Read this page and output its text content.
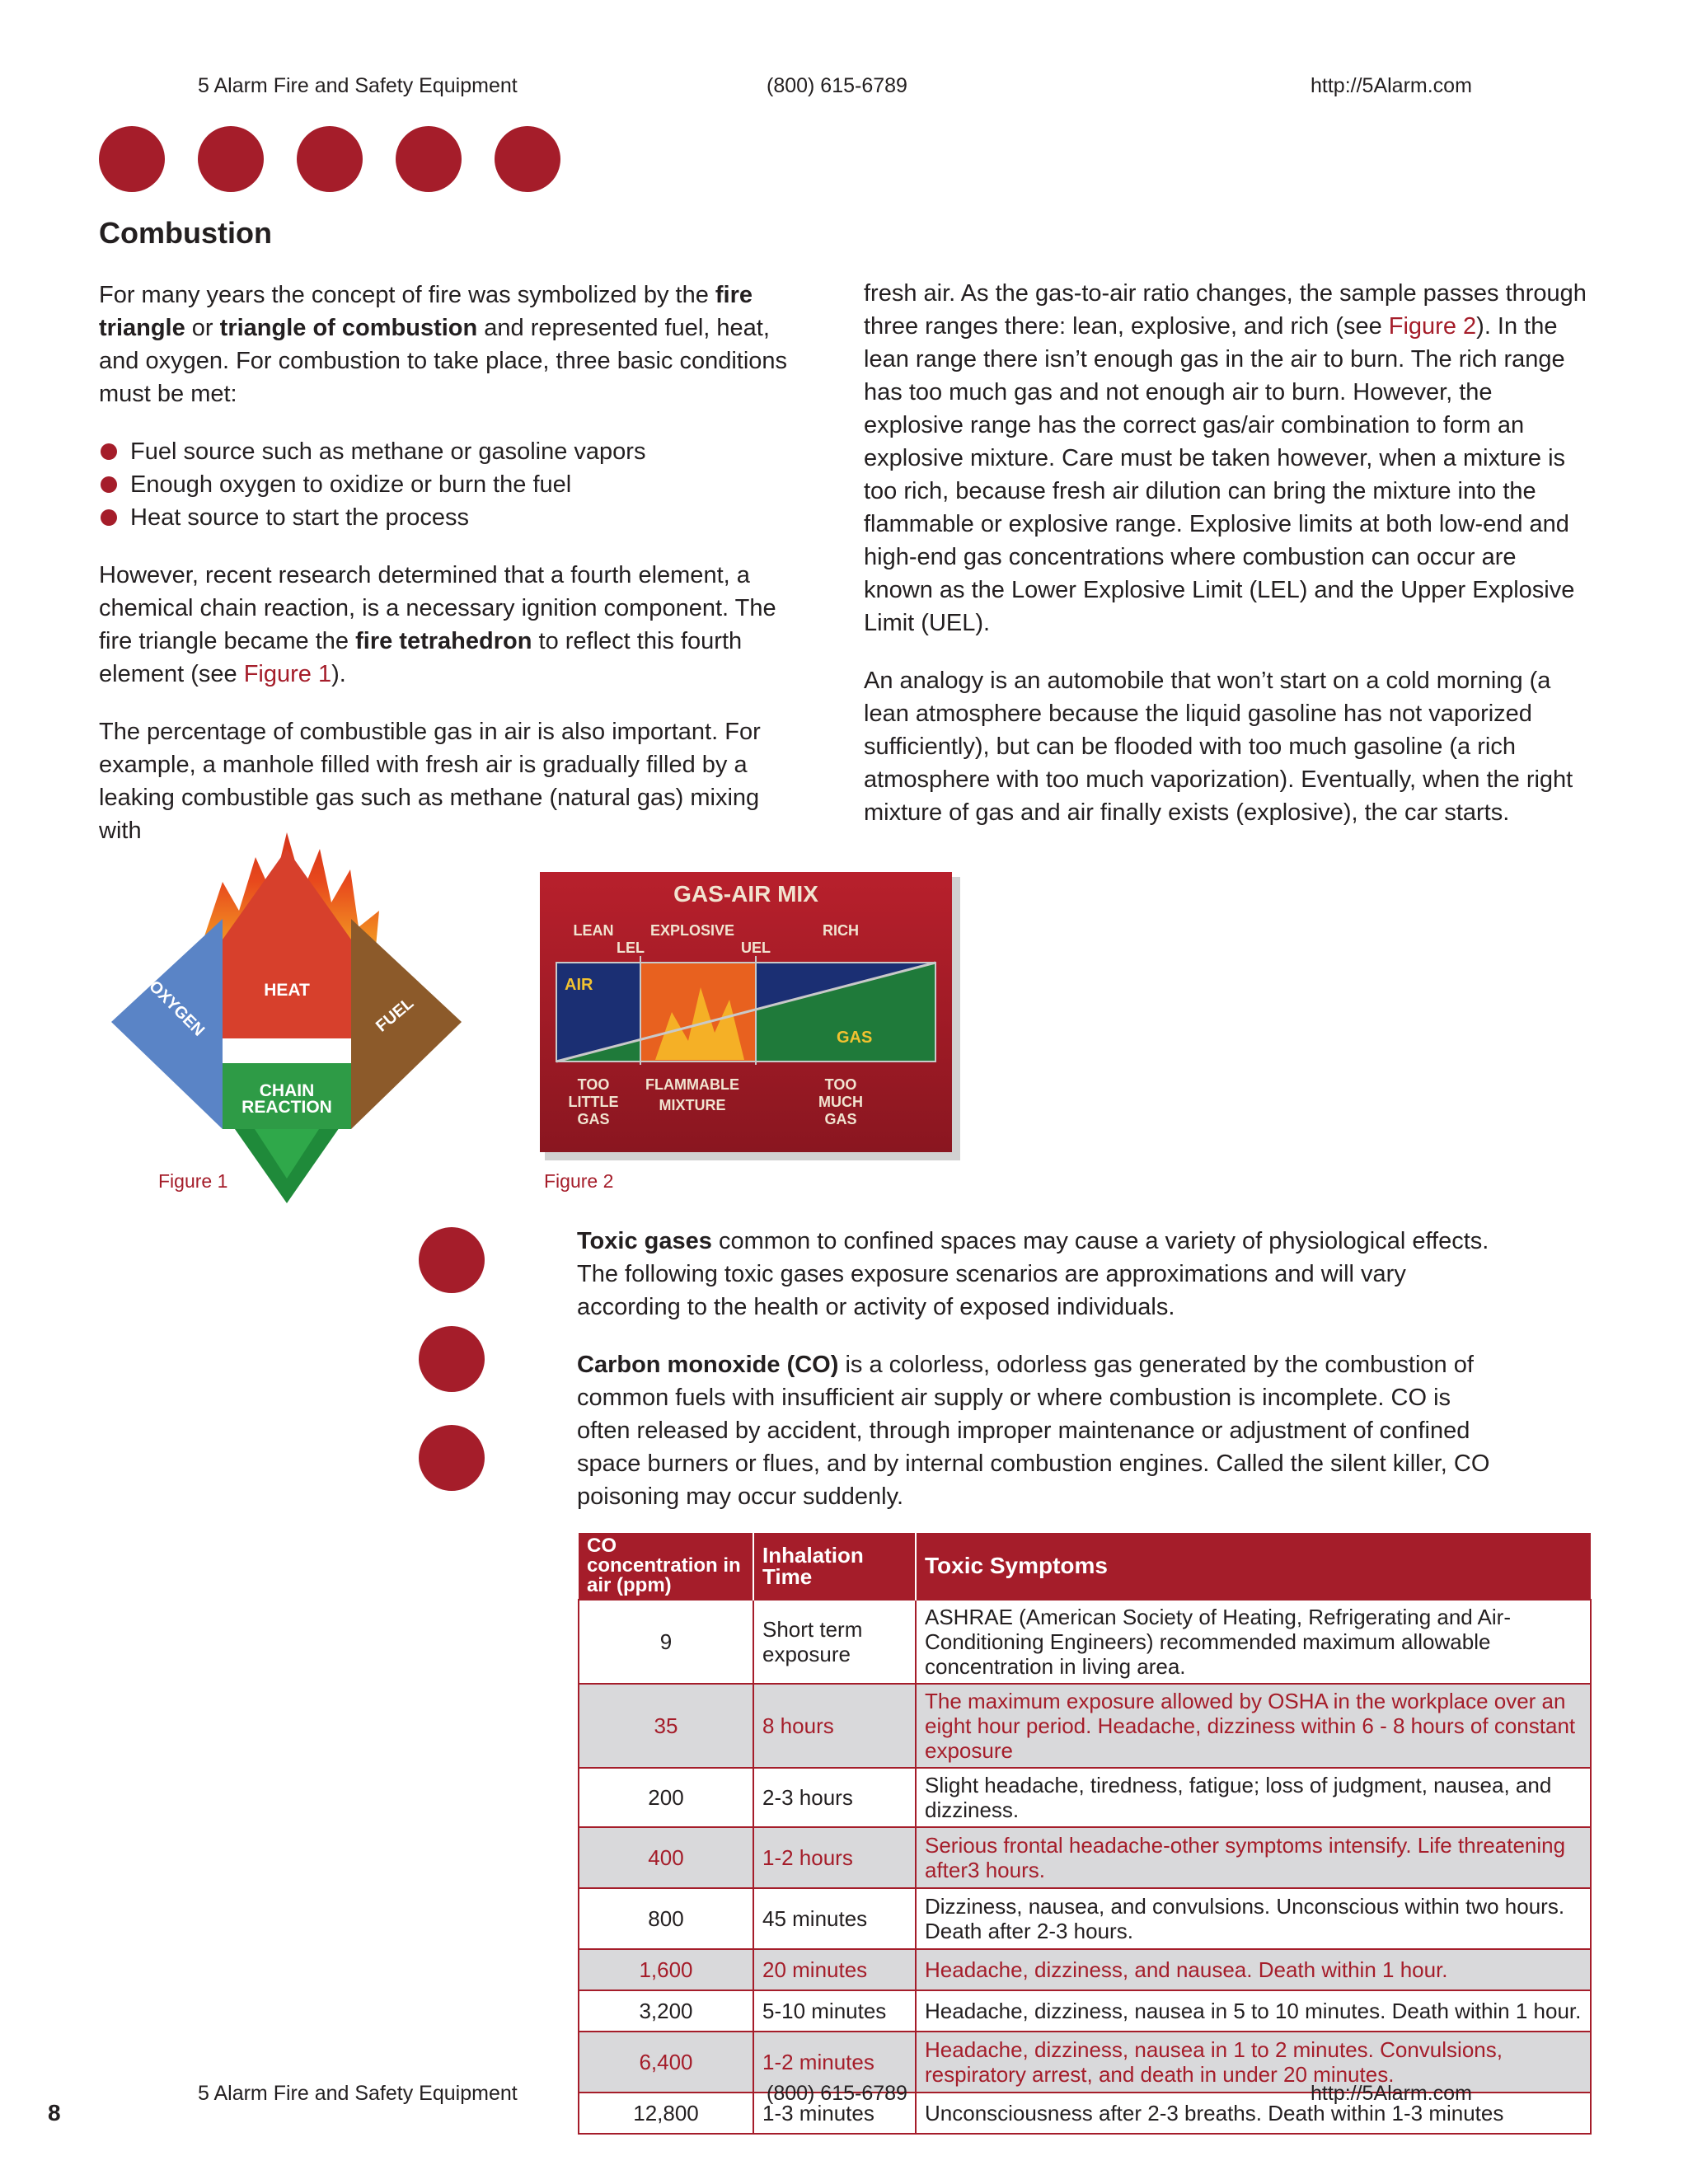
5 Alarm Fire and Safety Equipment	(800) 615-6789	http://5Alarm.com
Combustion

For many years the concept of fire was symbolized by the fire triangle or triangle of combustion and represented fuel, heat, and oxygen. For combustion to take place, three basic conditions must be met:

Fuel source such as methane or gasoline vapors
Enough oxygen to oxidize or burn the fuel
Heat source to start the process

However, recent research determined that a fourth element, a chemical chain reaction, is a necessary ignition component. The fire triangle became the fire tetrahedron to reflect this fourth element (see Figure 1).

The percentage of combustible gas in air is also important. For example, a manhole filled with fresh air is gradually filled by a leaking combustible gas such as methane (natural gas) mixing with

fresh air. As the gas-to-air ratio changes, the sample passes through three ranges there: lean, explosive, and rich (see Figure 2). In the lean range there isn’t enough gas in the air to burn. The rich range has too much gas and not enough air to burn. However, the explosive range has the correct gas/air combination to form an explosive mixture. Care must be taken however, when a mixture is too rich, because fresh air dilution can bring the mixture into the flammable or explosive range. Explosive limits at both low-end and high-end gas concentrations where combustion can occur are known as the Lower Explosive Limit (LEL) and the Upper Explosive Limit (UEL).

An analogy is an automobile that won’t start on a cold morning (a lean atmosphere because the liquid gasoline has not vaporized sufficiently), but can be flooded with too much gasoline (a rich atmosphere with too much vaporization). Eventually, when the right mixture of gas and air finally exists (explosive), the car starts.

HEAT
OXYGEN	FUEL
CHAIN
REACTION
Figure 1
GAS-AIR MIX
LEAN EXPLOSIVE	RICH
LEL	UEL
AIR
GAS
TOO
LITTLE
GAS
FLAMMABLE
MIXTURE
TOO
MUCH
GAS
Figure 2

Toxic gases common to confined spaces may cause a variety of physiological effects. The following toxic gases exposure scenarios are approximations and will vary according to the health or activity of exposed individuals.

Carbon monoxide (CO) is a colorless, odorless gas generated by the combustion of common fuels with insufficient air supply or where combustion is incomplete. CO is often released by accident, through improper maintenance or adjustment of confined space burners or flues, and by internal combustion engines. Called the silent killer, CO poisoning may occur suddenly.

CO concentration in air (ppm)	Inhalation Time	Toxic Symptoms
9	Short term exposure	ASHRAE (American Society of Heating, Refrigerating and Air-Conditioning Engineers) recommended maximum allowable concentration in living area.
35	8 hours	The maximum exposure allowed by OSHA in the workplace over an eight hour period. Headache, dizziness within 6 - 8 hours of constant exposure
200	2-3 hours	Slight headache, tiredness, fatigue; loss of judgment, nausea, and dizziness.
400	1-2 hours	Serious frontal headache-other symptoms intensify. Life threatening after3 hours.
800	45 minutes	Dizziness, nausea, and convulsions. Unconscious within two hours. Death after 2-3 hours.
1,600	20 minutes	Headache, dizziness, and nausea. Death within 1 hour.
3,200	5-10 minutes	Headache, dizziness, nausea in 5 to 10 minutes. Death within 1 hour.
6,400	1-2 minutes	Headache, dizziness, nausea in 1 to 2 minutes. Convulsions, respiratory arrest, and death in under 20 minutes.
12,800	1-3 minutes	Unconsciousness after 2-3 breaths. Death within 1-3 minutes
5 Alarm Fire and Safety Equipment	(800) 615-6789	http://5Alarm.com
8
